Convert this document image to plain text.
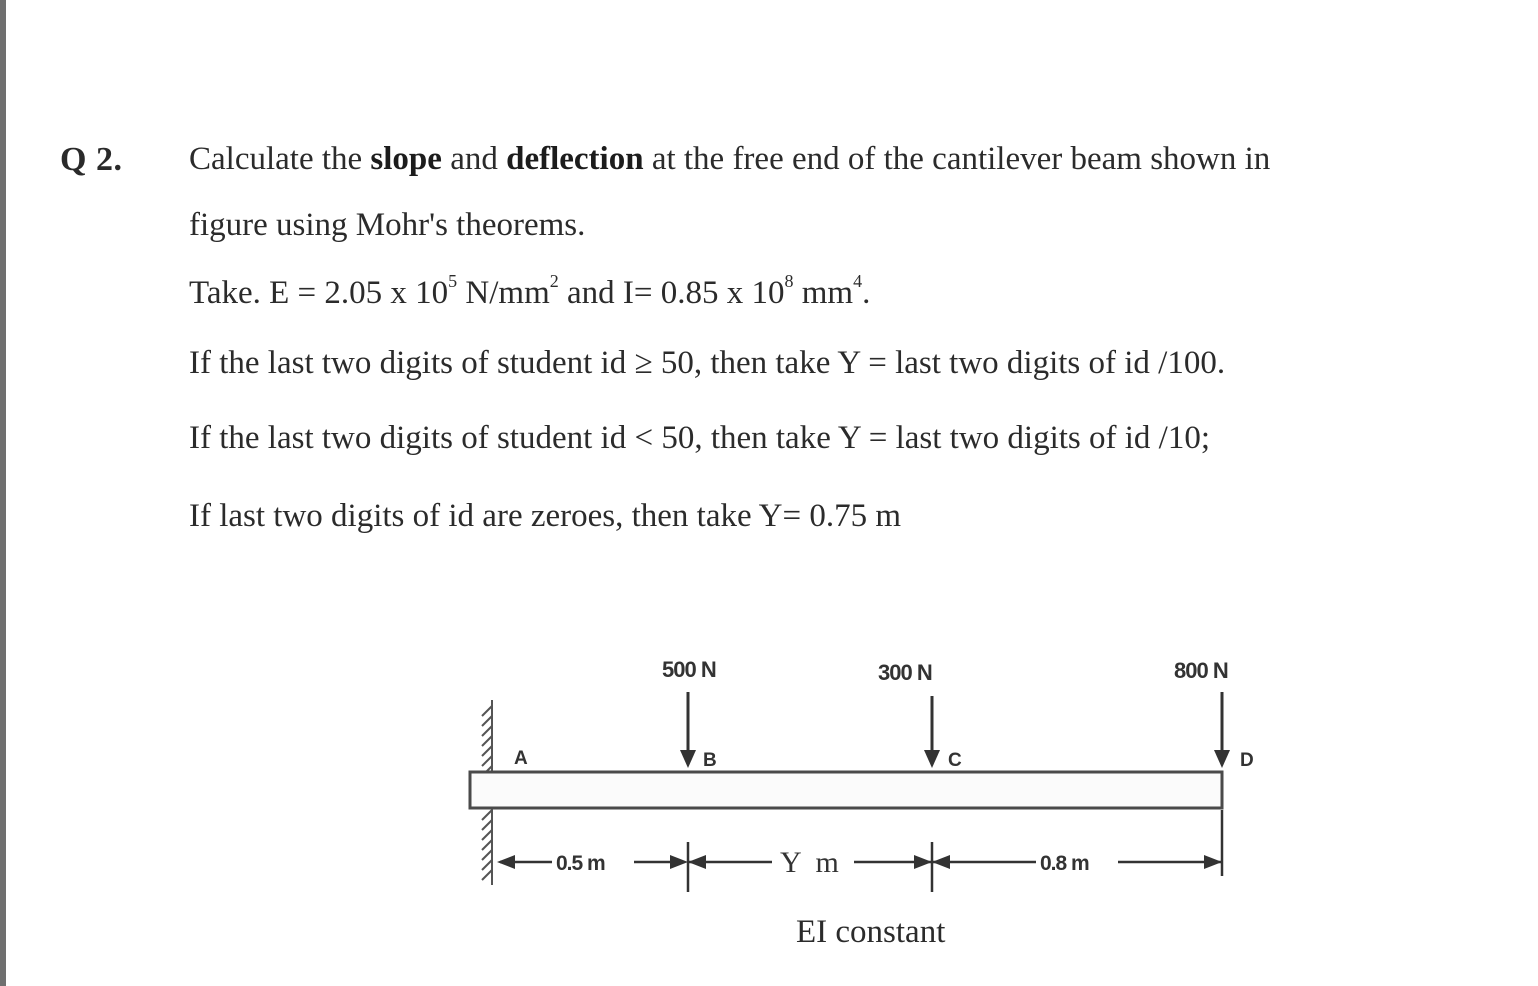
Q 2. Calculate the slope and deflection at the free end of the cantilever beam shown in
figure using Mohr's theorems.
Take. E = 2.05 x $10^5$ $N/mm^2$ and I= 0.85 x $10^8$ $mm^4$.
If the last two digits of student id ≥ 50, then take Y = last two digits of id /100.
If the last two digits of student id < 50, then take Y = last two digits of id /10;
If last two digits of id are zeroes, then take Y= 0.75 m
A	B	C	D
500 N	300 N	800 N
0.5 m	Y  m	0.8 m
EI constant
